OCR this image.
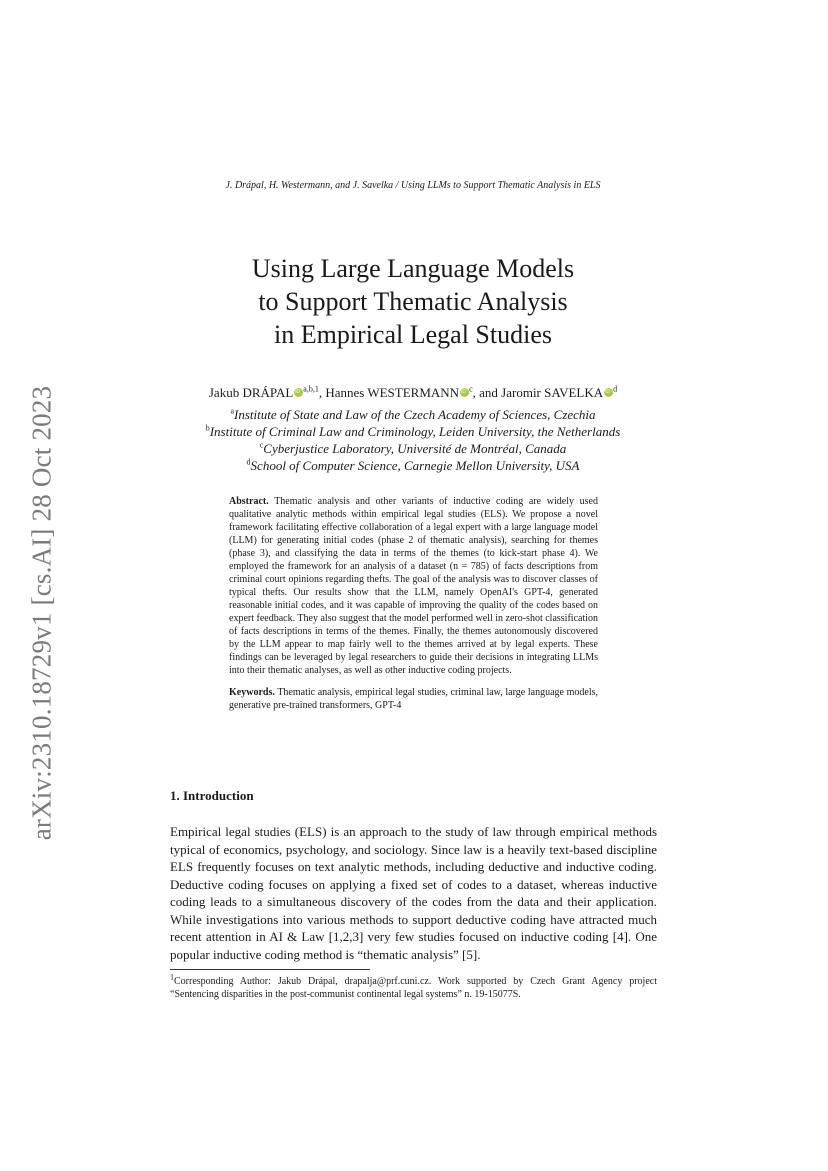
arXiv:2310.18729v1 [cs.AI] 28 Oct 2023
J. Drápal, H. Westermann, and J. Savelka / Using LLMs to Support Thematic Analysis in ELS
Using Large Language Models
to Support Thematic Analysis
in Empirical Legal Studies
Jakub DRÁPAL iD $^{a,b,1}$, Hannes WESTERMANN iD $^c$, and Jaromir SAVELKA iD $^d$
$^a$Institute of State and Law of the Czech Academy of Sciences, Czechia
$^b$Institute of Criminal Law and Criminology, Leiden University, the Netherlands
$^c$Cyberjustice Laboratory, Université de Montréal, Canada
$^d$School of Computer Science, Carnegie Mellon University, USA

Abstract. Thematic analysis and other variants of inductive coding are widely used qualitative analytic methods within empirical legal studies (ELS). We propose a novel framework facilitating effective collaboration of a legal expert with a large language model (LLM) for generating initial codes (phase 2 of thematic analysis), searching for themes (phase 3), and classifying the data in terms of the themes (to kick-start phase 4). We employed the framework for an analysis of a dataset (n = 785) of facts descriptions from criminal court opinions regarding thefts. The goal of the analysis was to discover classes of typical thefts. Our results show that the LLM, namely OpenAI's GPT-4, generated reasonable initial codes, and it was capable of improving the quality of the codes based on expert feedback. They also suggest that the model performed well in zero-shot classification of facts descriptions in terms of the themes. Finally, the themes autonomously discovered by the LLM appear to map fairly well to the themes arrived at by legal experts. These findings can be leveraged by legal researchers to guide their decisions in integrating LLMs into their thematic analyses, as well as other inductive coding projects.

Keywords. Thematic analysis, empirical legal studies, criminal law, large language models, generative pre-trained transformers, GPT-4

1. Introduction

Empirical legal studies (ELS) is an approach to the study of law through empirical methods typical of economics, psychology, and sociology. Since law is a heavily text-based discipline ELS frequently focuses on text analytic methods, including deductive and inductive coding. Deductive coding focuses on applying a fixed set of codes to a dataset, whereas inductive coding leads to a simultaneous discovery of the codes from the data and their application. While investigations into various methods to support deductive coding have attracted much recent attention in AI & Law [1,2,3] very few studies focused on inductive coding [4]. One popular inductive coding method is “thematic analysis” [5].

$^1$Corresponding Author: Jakub Drápal, drapalja@prf.cuni.cz. Work supported by Czech Grant Agency project “Sentencing disparities in the post-communist continental legal systems” n. 19-15077S.
